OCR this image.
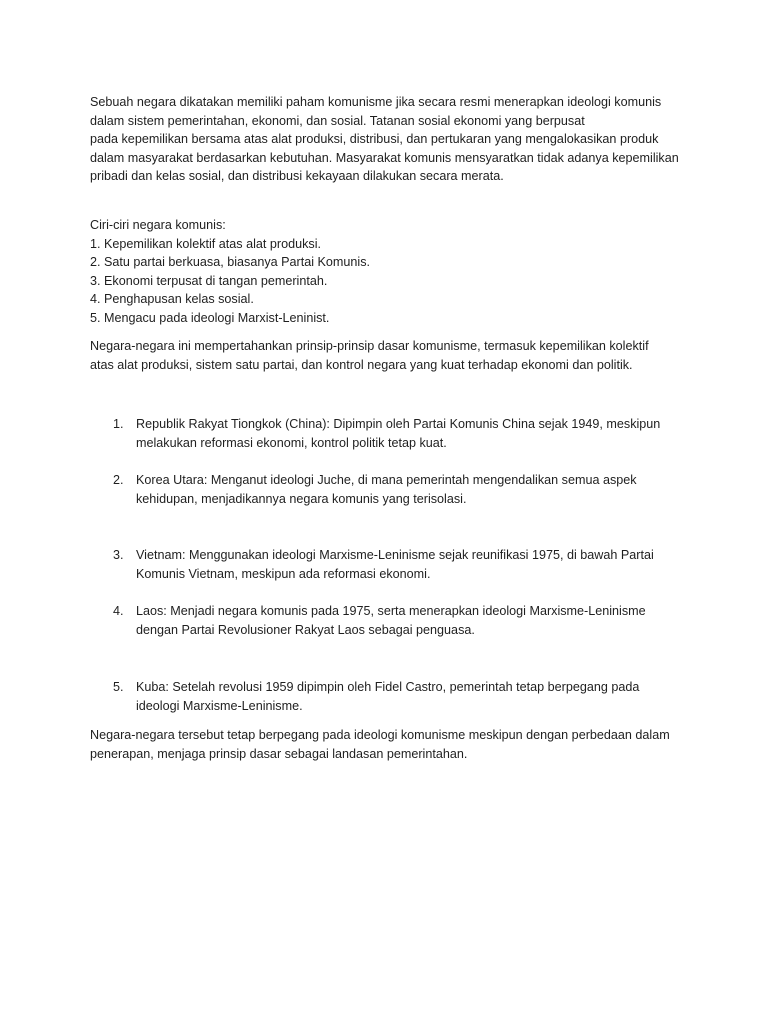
Sebuah negara dikatakan memiliki paham komunisme jika secara resmi menerapkan ideologi komunis
dalam sistem pemerintahan, ekonomi, dan sosial. Tatanan sosial ekonomi yang berpusat
pada kepemilikan bersama atas alat produksi, distribusi, dan pertukaran yang mengalokasikan produk
dalam masyarakat berdasarkan kebutuhan. Masyarakat komunis mensyaratkan tidak adanya kepemilikan
pribadi dan kelas sosial, dan distribusi kekayaan dilakukan secara merata.
Ciri-ciri negara komunis:
1. Kepemilikan kolektif atas alat produksi.
2. Satu partai berkuasa, biasanya Partai Komunis.
3. Ekonomi terpusat di tangan pemerintah.
4. Penghapusan kelas sosial.
5. Mengacu pada ideologi Marxist-Leninist.
Negara-negara ini mempertahankan prinsip-prinsip dasar komunisme, termasuk kepemilikan kolektif
atas alat produksi, sistem satu partai, dan kontrol negara yang kuat terhadap ekonomi dan politik.
1. Republik Rakyat Tiongkok (China): Dipimpin oleh Partai Komunis China sejak 1949, meskipun
melakukan reformasi ekonomi, kontrol politik tetap kuat.
2. Korea Utara: Menganut ideologi Juche, di mana pemerintah mengendalikan semua aspek
kehidupan, menjadikannya negara komunis yang terisolasi.
3. Vietnam: Menggunakan ideologi Marxisme-Leninisme sejak reunifikasi 1975, di bawah Partai
Komunis Vietnam, meskipun ada reformasi ekonomi.
4. Laos: Menjadi negara komunis pada 1975, serta menerapkan ideologi Marxisme-Leninisme
dengan Partai Revolusioner Rakyat Laos sebagai penguasa.
5. Kuba: Setelah revolusi 1959 dipimpin oleh Fidel Castro, pemerintah tetap berpegang pada
ideologi Marxisme-Leninisme.
Negara-negara tersebut tetap berpegang pada ideologi komunisme meskipun dengan perbedaan dalam
penerapan, menjaga prinsip dasar sebagai landasan pemerintahan.
